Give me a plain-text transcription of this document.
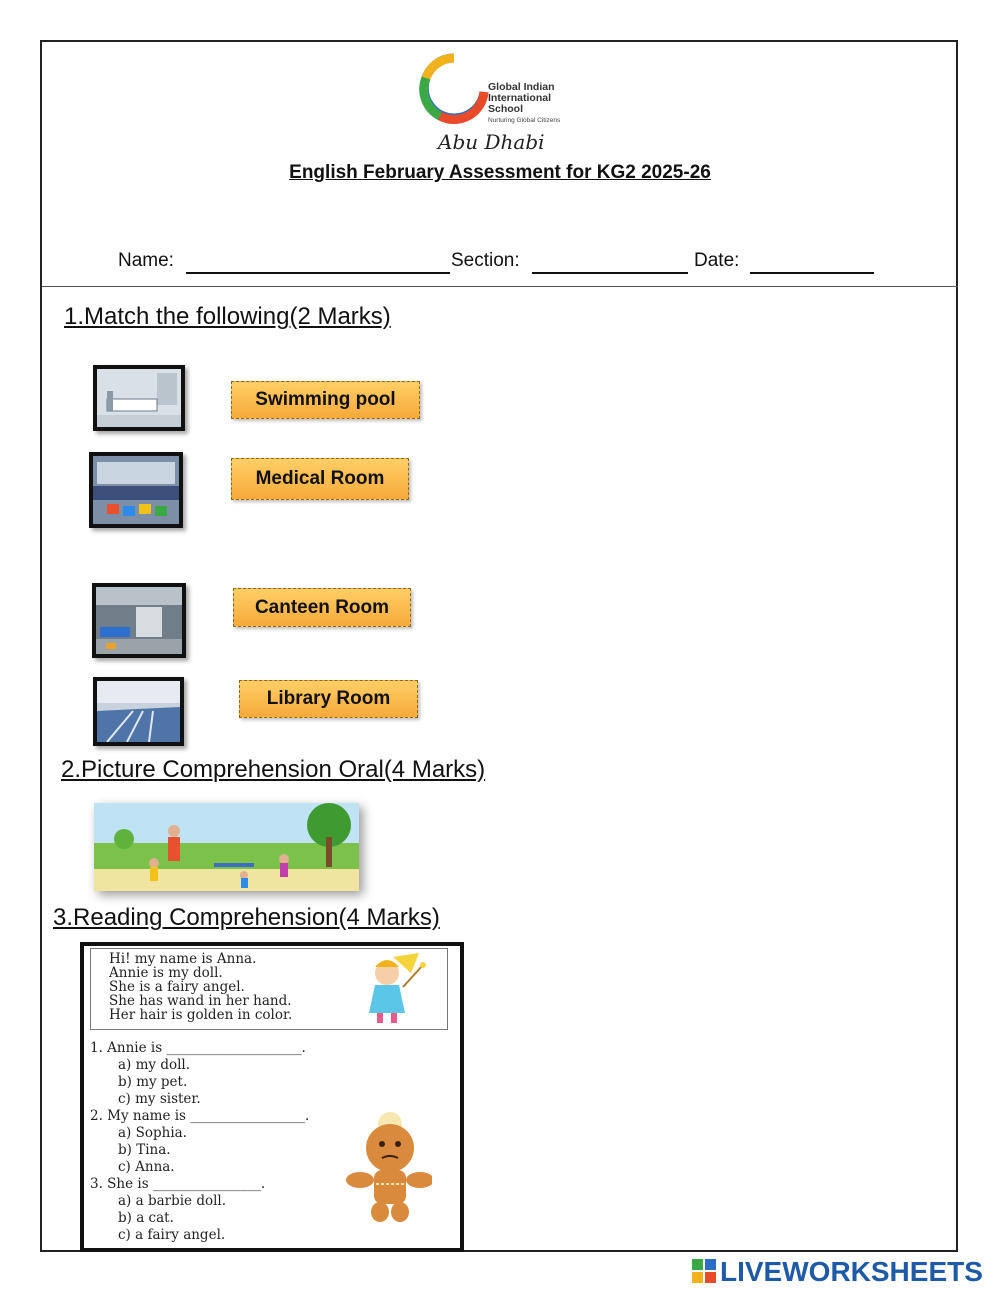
Global Indian
International
School
Nurturing Global Citizens
Abu Dhabi
English February Assessment for KG2 2025-26
Name:	Section:	Date:
1.Match the following(2 Marks)
Swimming pool
Medical Room
Canteen Room
Library Room
2.Picture Comprehension Oral(4 Marks)
3.Reading Comprehension(4 Marks)
Hi! my name is Anna.
Annie is my doll.
She is a fairy angel.
She has wand in her hand.
Her hair is golden in color.
1. Annie is ____________________.
a) my doll.
b) my pet.
c) my sister.
2. My name is _________________.
a) Sophia.
b) Tina.
c) Anna.
3. She is ________________.
a) a barbie doll.
b) a cat.
c) a fairy angel.
LIVEWORKSHEETS
